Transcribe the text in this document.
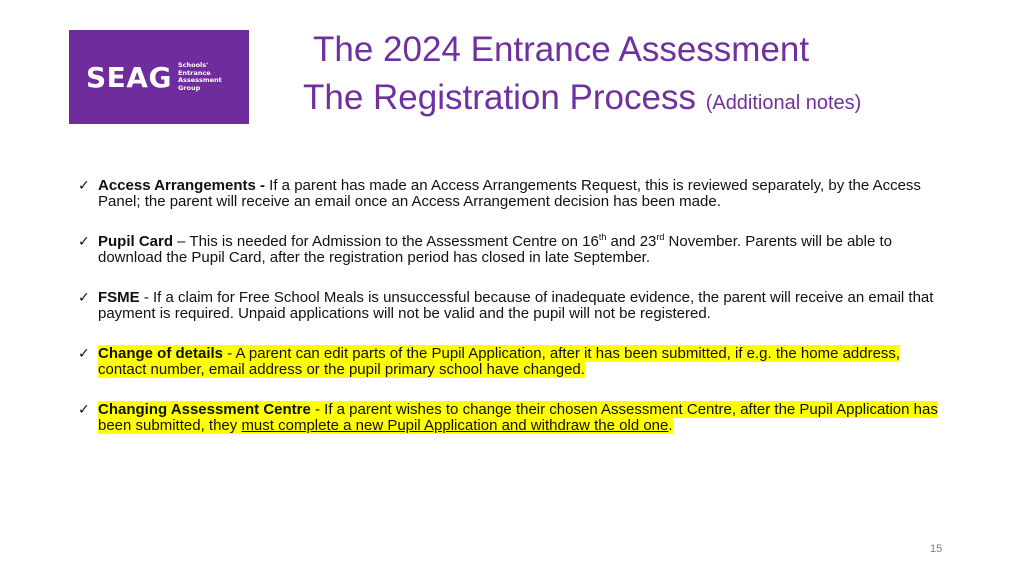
SEAG Schools'
Entrance
Assessment
Group
The 2024 Entrance Assessment
The Registration Process (Additional notes)
✓ Access Arrangements - If a parent has made an Access Arrangements Request, this is reviewed separately, by the Access Panel; the parent will receive an email once an Access Arrangement decision has been made.
✓ Pupil Card – This is needed for Admission to the Assessment Centre on 16th and 23rd November. Parents will be able to download the Pupil Card, after the registration period has closed in late September.
✓ FSME - If a claim for Free School Meals is unsuccessful because of inadequate evidence, the parent will receive an email that payment is required. Unpaid applications will not be valid and the pupil will not be registered.
✓ Change of details - A parent can edit parts of the Pupil Application, after it has been submitted, if e.g. the home address, contact number, email address or the pupil primary school have changed.
✓ Changing Assessment Centre - If a parent wishes to change their chosen Assessment Centre, after the Pupil Application has been submitted, they must complete a new Pupil Application and withdraw the old one.
15
